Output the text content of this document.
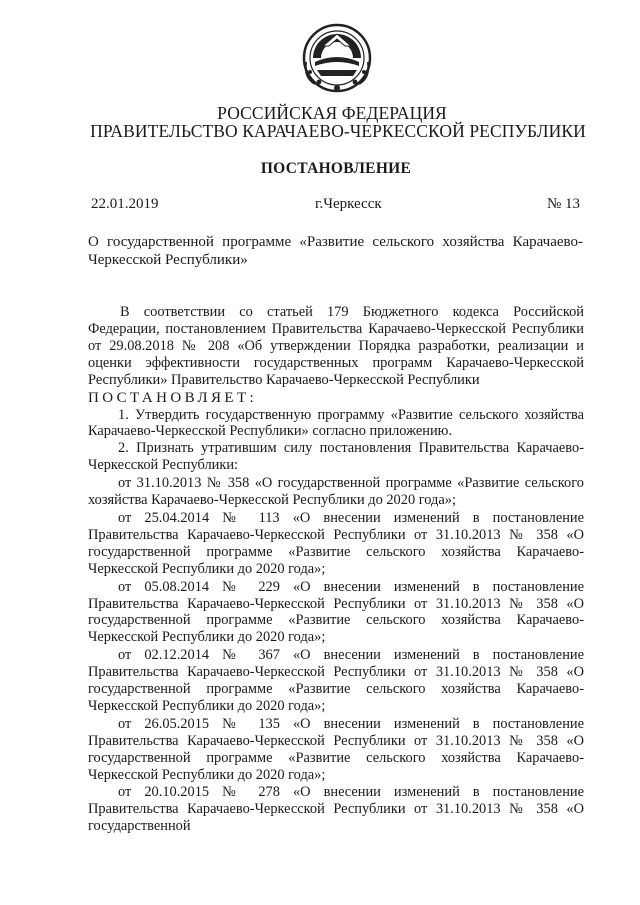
РОССИЙСКАЯ ФЕДЕРАЦИЯ
ПРАВИТЕЛЬСТВО КАРАЧАЕВО-ЧЕРКЕССКОЙ РЕСПУБЛИКИ
ПОСТАНОВЛЕНИЕ
22.01.2019	г.Черкесск	№ 13
О государственной программе «Развитие сельского хозяйства Карачаево-Черкесской Республики»

В соответствии со статьей 179 Бюджетного кодекса Российской Федерации, постановлением Правительства Карачаево-Черкесской Республики от 29.08.2018 № 208 «Об утверждении Порядка разработки, реализации и оценки эффективности государственных программ Карачаево-Черкесской Республики» Правительство Карачаево-Черкесской Республики

ПОСТАНОВЛЯЕТ:

1. Утвердить государственную программу «Развитие сельского хозяйства Карачаево-Черкесской Республики» согласно приложению.

2. Признать утратившим силу постановления Правительства Карачаево-Черкесской Республики:

от 31.10.2013 № 358 «О государственной программе «Развитие сельского хозяйства Карачаево-Черкесской Республики до 2020 года»;

от 25.04.2014 № 113 «О внесении изменений в постановление Правительства Карачаево-Черкесской Республики от 31.10.2013 № 358 «О государственной программе «Развитие сельского хозяйства Карачаево-Черкесской Республики до 2020 года»;

от 05.08.2014 № 229 «О внесении изменений в постановление Правительства Карачаево-Черкесской Республики от 31.10.2013 № 358 «О государственной программе «Развитие сельского хозяйства Карачаево-Черкесской Республики до 2020 года»;

от 02.12.2014 № 367 «О внесении изменений в постановление Правительства Карачаево-Черкесской Республики от 31.10.2013 № 358 «О государственной программе «Развитие сельского хозяйства Карачаево-Черкесской Республики до 2020 года»;

от 26.05.2015 № 135 «О внесении изменений в постановление Правительства Карачаево-Черкесской Республики от 31.10.2013 № 358 «О государственной программе «Развитие сельского хозяйства Карачаево-Черкесской Республики до 2020 года»;

от 20.10.2015 № 278 «О внесении изменений в постановление Правительства Карачаево-Черкесской Республики от 31.10.2013 № 358 «О государственной
